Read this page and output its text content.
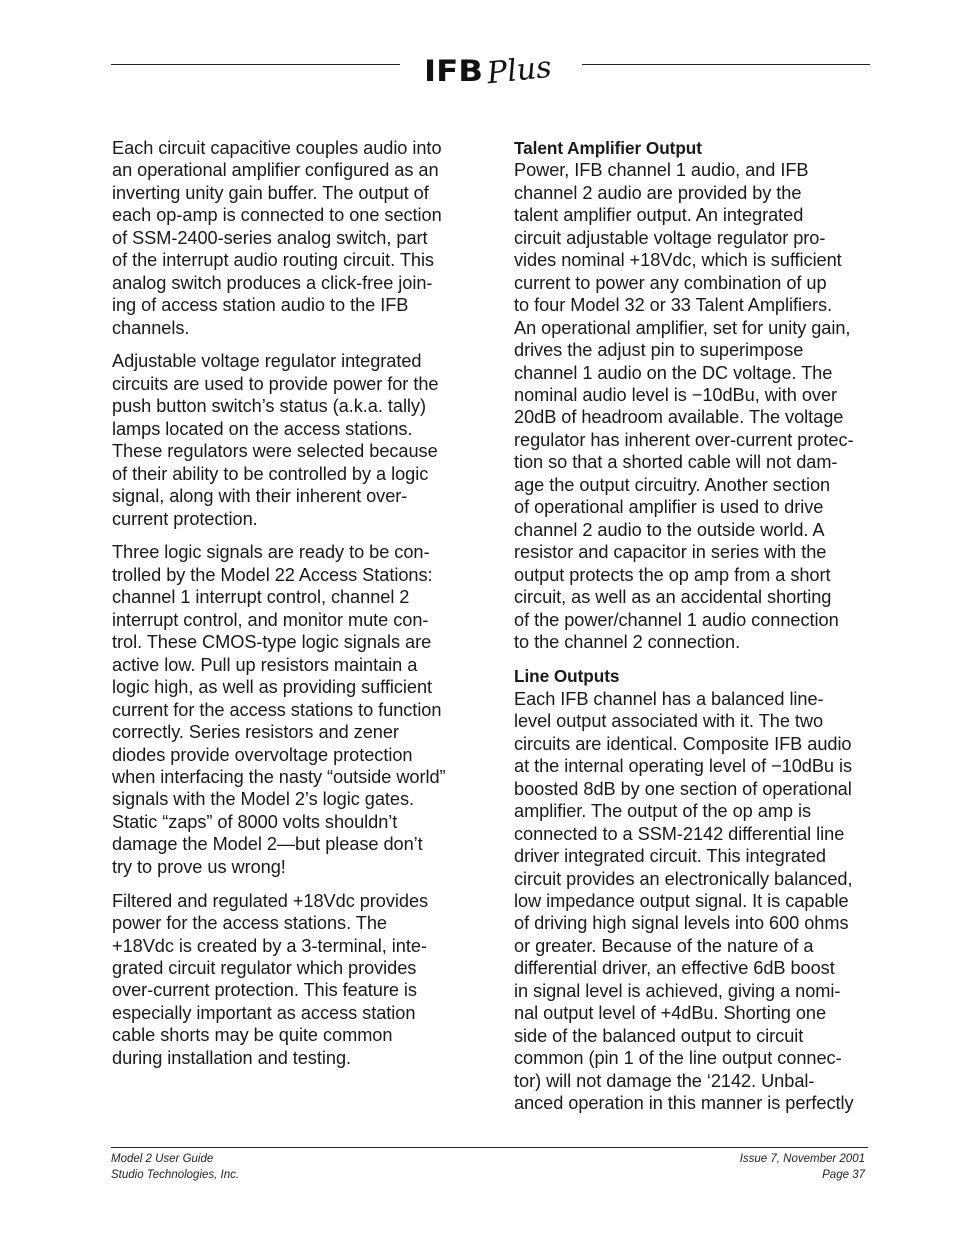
IFB Plus

Each circuit capacitive couples audio into
an operational amplifier configured as an
inverting unity gain buffer. The output of
each op-amp is connected to one section
of SSM-2400-series analog switch, part
of the interrupt audio routing circuit. This
analog switch produces a click-free join-
ing of access station audio to the IFB
channels.

Adjustable voltage regulator integrated
circuits are used to provide power for the
push button switch’s status (a.k.a. tally)
lamps located on the access stations.
These regulators were selected because
of their ability to be controlled by a logic
signal, along with their inherent over-
current protection.

Three logic signals are ready to be con-
trolled by the Model 22 Access Stations:
channel 1 interrupt control, channel 2
interrupt control, and monitor mute con-
trol. These CMOS-type logic signals are
active low. Pull up resistors maintain a
logic high, as well as providing sufficient
current for the access stations to function
correctly. Series resistors and zener
diodes provide overvoltage protection
when interfacing the nasty “outside world”
signals with the Model 2’s logic gates.
Static “zaps” of 8000 volts shouldn’t
damage the Model 2—but please don’t
try to prove us wrong!

Filtered and regulated +18Vdc provides
power for the access stations. The
+18Vdc is created by a 3-terminal, inte-
grated circuit regulator which provides
over-current protection. This feature is
especially important as access station
cable shorts may be quite common
during installation and testing.

Talent Amplifier Output

Power, IFB channel 1 audio, and IFB
channel 2 audio are provided by the
talent amplifier output. An integrated
circuit adjustable voltage regulator pro-
vides nominal +18Vdc, which is sufficient
current to power any combination of up
to four Model 32 or 33 Talent Amplifiers.
An operational amplifier, set for unity gain,
drives the adjust pin to superimpose
channel 1 audio on the DC voltage. The
nominal audio level is −10dBu, with over
20dB of headroom available. The voltage
regulator has inherent over-current protec-
tion so that a shorted cable will not dam-
age the output circuitry. Another section
of operational amplifier is used to drive
channel 2 audio to the outside world. A
resistor and capacitor in series with the
output protects the op amp from a short
circuit, as well as an accidental shorting
of the power/channel 1 audio connection
to the channel 2 connection.

Line Outputs

Each IFB channel has a balanced line-
level output associated with it. The two
circuits are identical. Composite IFB audio
at the internal operating level of −10dBu is
boosted 8dB by one section of operational
amplifier. The output of the op amp is
connected to a SSM-2142 differential line
driver integrated circuit. This integrated
circuit provides an electronically balanced,
low impedance output signal. It is capable
of driving high signal levels into 600 ohms
or greater. Because of the nature of a
differential driver, an effective 6dB boost
in signal level is achieved, giving a nomi-
nal output level of +4dBu. Shorting one
side of the balanced output to circuit
common (pin 1 of the line output connec-
tor) will not damage the ‘2142. Unbal-
anced operation in this manner is perfectly

Model 2 User Guide
Studio Technologies, Inc.
Issue 7, November 2001
Page 37
